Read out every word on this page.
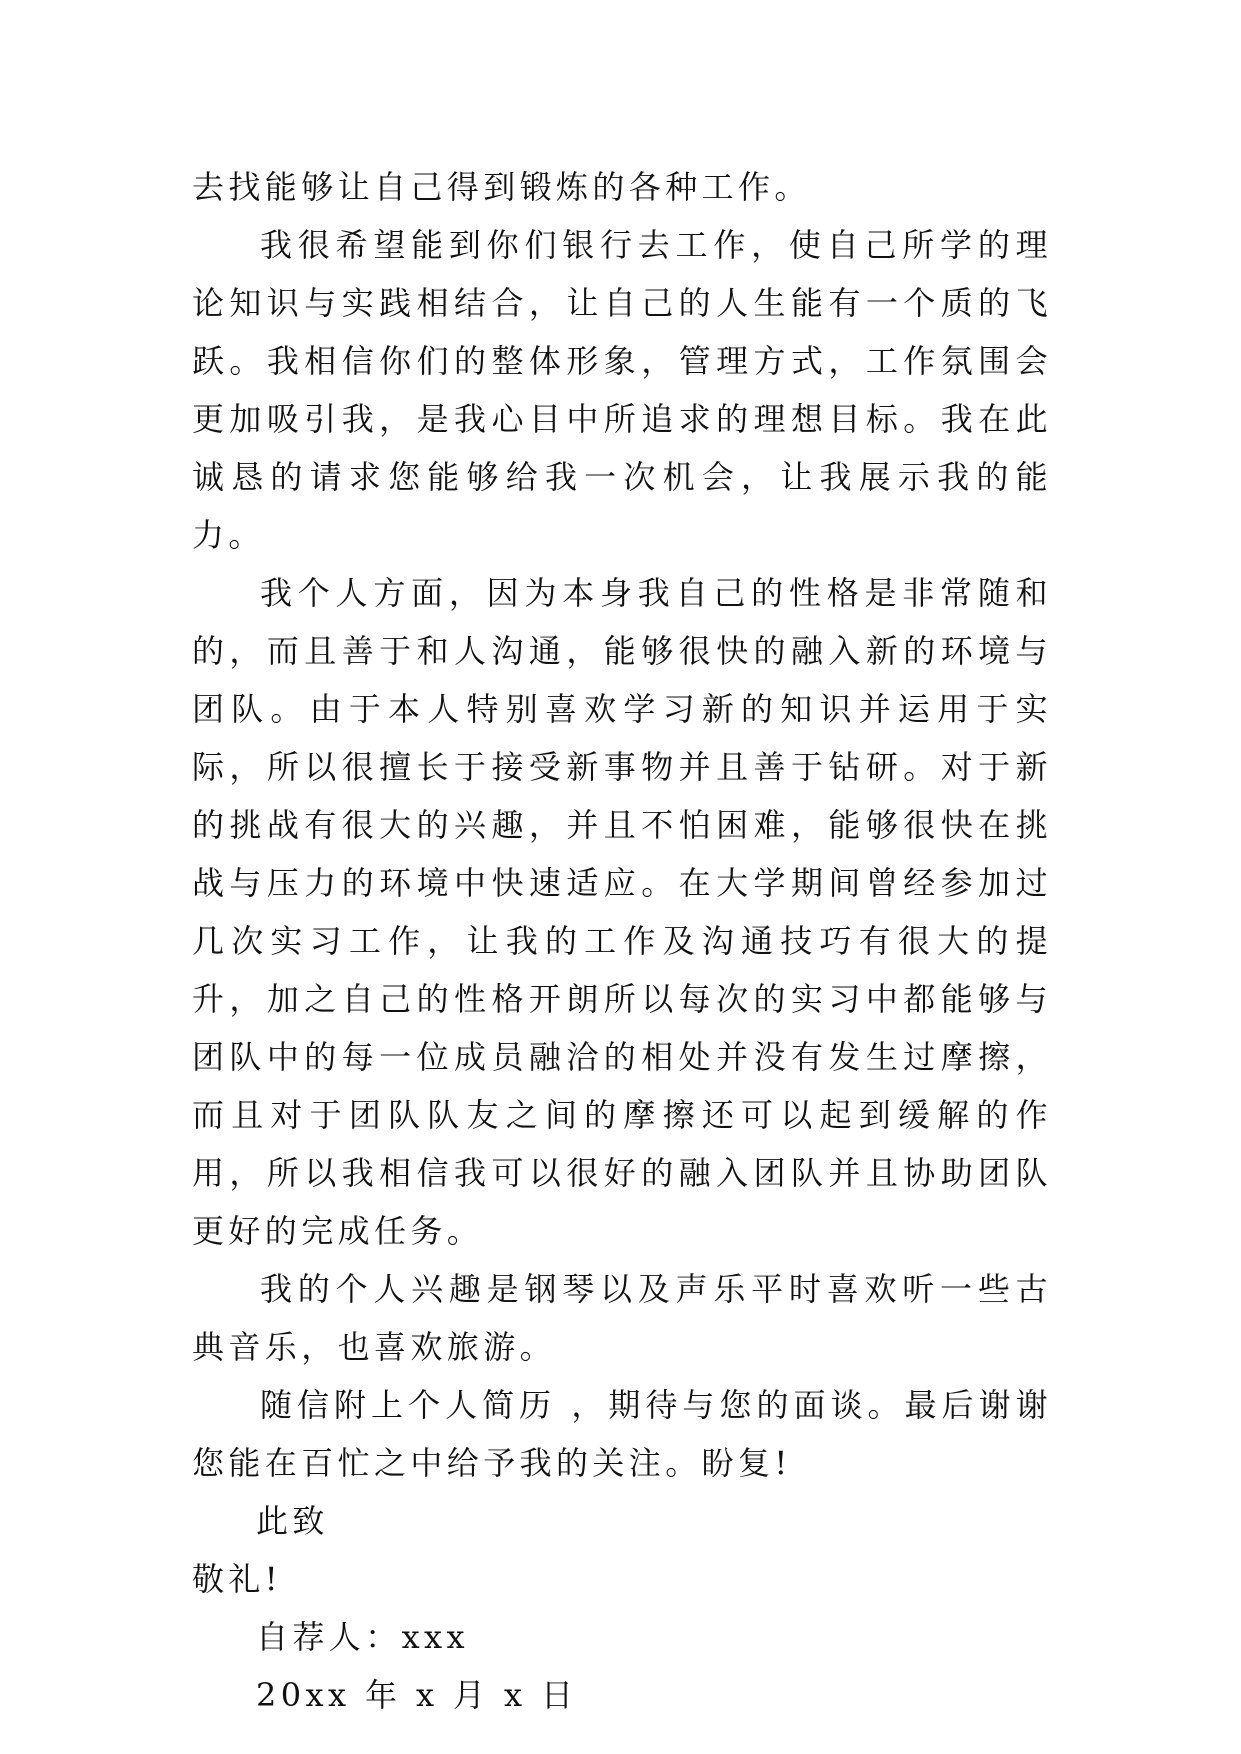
去找能够让自己得到锻炼的各种工作。

我很希望能到你们银行去工作，使自己所学的理论知识与实践相结合，让自己的人生能有一个质的飞跃。我相信你们的整体形象，管理方式，工作氛围会更加吸引我，是我心目中所追求的理想目标。我在此诚恳的请求您能够给我一次机会，让我展示我的能力。

我个人方面，因为本身我自己的性格是非常随和的，而且善于和人沟通，能够很快的融入新的环境与团队。由于本人特别喜欢学习新的知识并运用于实际，所以很擅长于接受新事物并且善于钻研。对于新的挑战有很大的兴趣，并且不怕困难，能够很快在挑战与压力的环境中快速适应。在大学期间曾经参加过几次实习工作，让我的工作及沟通技巧有很大的提升，加之自己的性格开朗所以每次的实习中都能够与团队中的每一位成员融洽的相处并没有发生过摩擦，而且对于团队队友之间的摩擦还可以起到缓解的作用，所以我相信我可以很好的融入团队并且协助团队更好的完成任务。

我的个人兴趣是钢琴以及声乐平时喜欢听一些古典音乐，也喜欢旅游。

随信附上个人简历 ，期待与您的面谈。最后谢谢您能在百忙之中给予我的关注。盼复!

此致

敬礼!

自荐人：xxx

20xx 年 x 月 x 日
